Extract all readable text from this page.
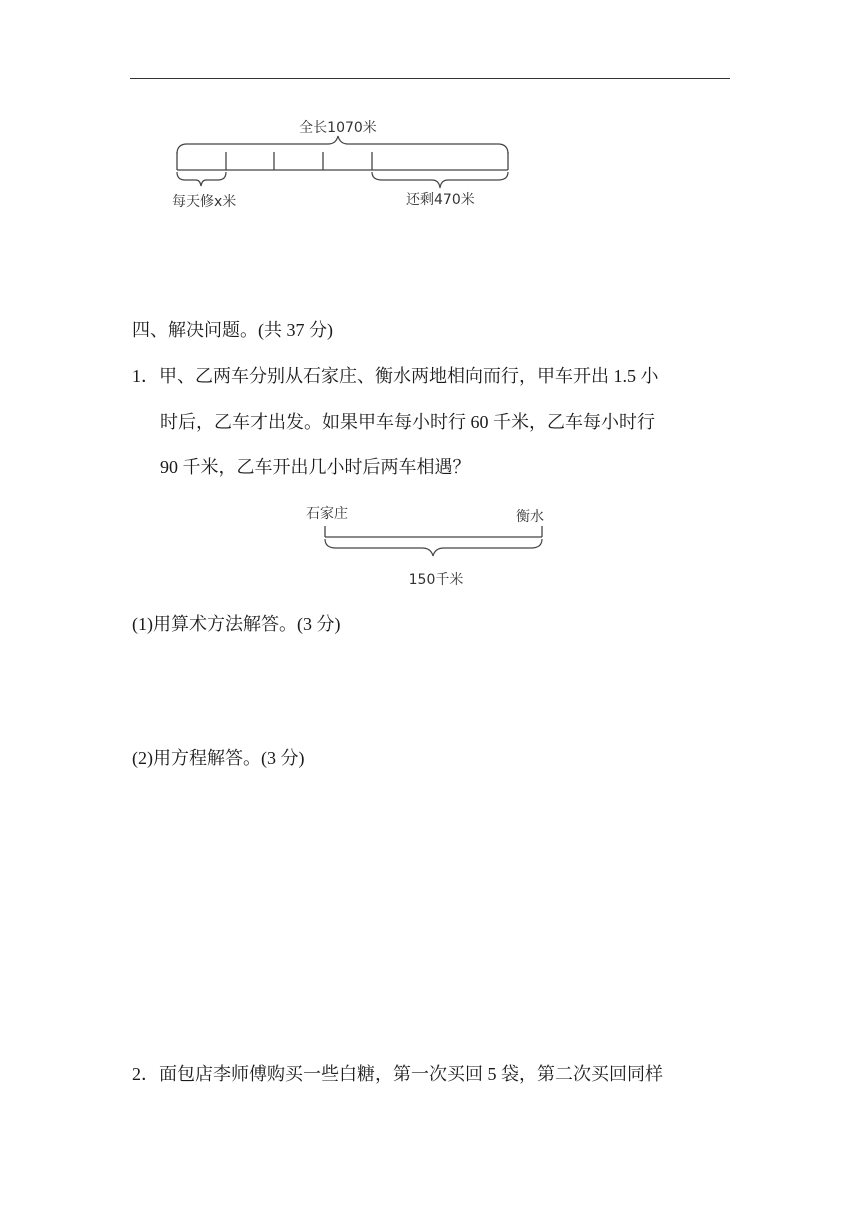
全长1070米
每天修x米	还剩470米
四、解决问题。(共 37 分)
1．甲、乙两车分别从石家庄、衡水两地相向而行，甲车开出 1.5 小
时后，乙车才出发。如果甲车每小时行 60 千米，乙车每小时行
90 千米，乙车开出几小时后两车相遇？
石家庄	衡水
150千米
(1)用算术方法解答。(3 分)
(2)用方程解答。(3 分)
2．面包店李师傅购买一些白糖，第一次买回 5 袋，第二次买回同样
